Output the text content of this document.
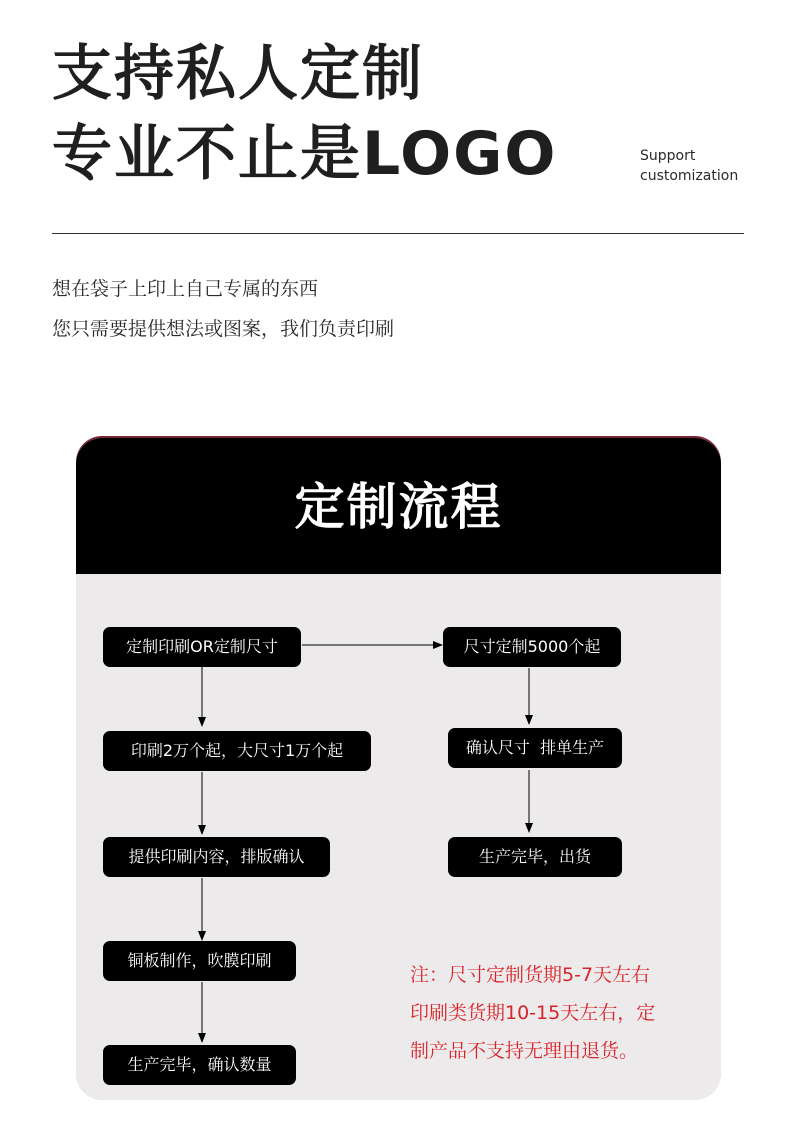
支持私人定制
专业不止是LOGO	Support
customization
想在袋子上印上自己专属的东西
您只需要提供想法或图案，我们负责印刷
定制流程
定制印刷OR定制尺寸
印刷2万个起，大尺寸1万个起
提供印刷内容，排版确认
铜板制作，吹膜印刷
生产完毕，确认数量
尺寸定制5000个起
确认尺寸  排单生产
生产完毕，出货
注：尺寸定制货期5-7天左右
印刷类货期10-15天左右，定
制产品不支持无理由退货。
